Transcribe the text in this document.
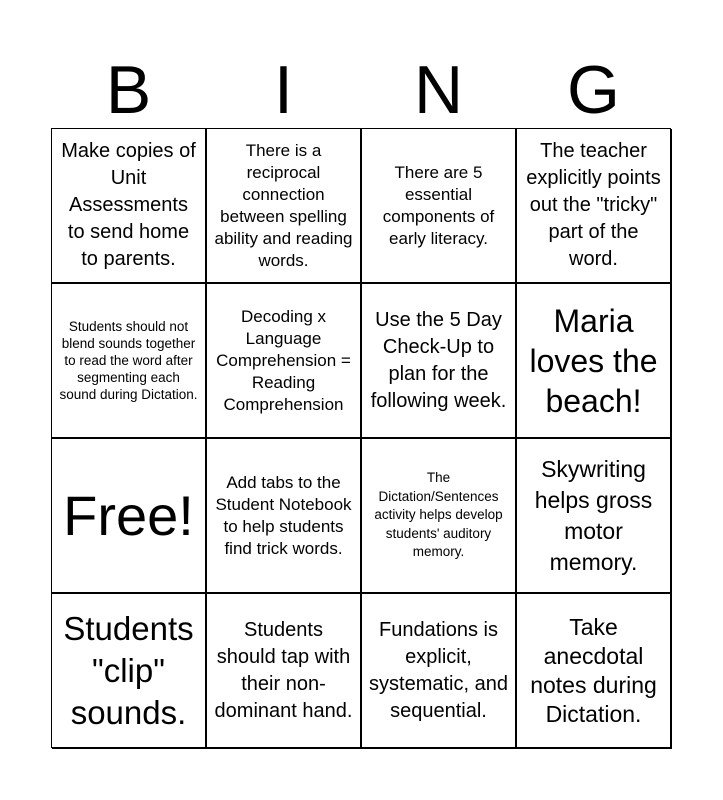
B	I	N	G
Make copies of Unit Assessments to send home to parents.
There is a reciprocal connection between spelling ability and reading words.
There are 5 essential components of early literacy.
The teacher explicitly points out the "tricky" part of the word.
Students should not blend sounds together to read the word after segmenting each sound during Dictation.
Decoding x Language Comprehension = Reading Comprehension
Use the 5 Day Check-Up to plan for the following week.
Maria loves the beach!
Free!
Add tabs to the Student Notebook to help students find trick words.
The Dictation/Sentences activity helps develop students' auditory memory.
Skywriting helps gross motor memory.
Students "clip" sounds.
Students should tap with their non-dominant hand.
Fundations is explicit, systematic, and sequential.
Take anecdotal notes during Dictation.
